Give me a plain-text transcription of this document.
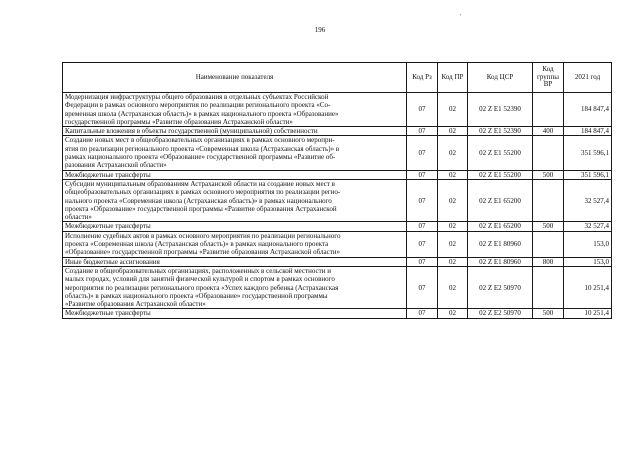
196
'
Наименование показателя	Код Рз	Код ПР	Код ЦСР	Код группы ВР	2021 год

Модернизация инфраструктуры общего образования в отдельных субъектах Российской
Федерации в рамках основного мероприятия по реализации регионального проекта «Со-
временная школа (Астраханская область)» в рамках национального проекта «Образование»
государственной программы «Развитие образования Астраханской области»	07	02	02 Z E1 52390		184 847,4

Капитальные вложения в объекты государственной (муниципальной) собственности	07	02	02 Z E1 52390	400	184 847,4

Создание новых мест в общеобразовательных организациях в рамках основного меропри-
ятия по реализации регионального проекта «Современная школа (Астраханская область)» в
рамках национального проекта «Образование» государственной программы «Развитие об-
разования Астраханской области»	07	02	02 Z E1 55200		351 596,1

Межбюджетные трансферты	07	02	02 Z E1 55200	500	351 596,1

Субсидии муниципальным образованиям Астраханской области на создание новых мест в
общеобразовательных организациях в рамках основного мероприятия по реализации регио-
нального проекта «Современная школа (Астраханская область)» в рамках национального
проекта «Образование» государственной программы «Развитие образования Астраханской
области»	07	02	02 Z E1 65200		32 527,4

Межбюджетные трансферты	07	02	02 Z E1 65200	500	32 527,4

Исполнение судебных актов в рамках основного мероприятия по реализации регионального
проекта «Современная школа (Астраханская область)» в рамках национального проекта
«Образование» государственной программы «Развитие образования Астраханской области»	07	02	02 Z E1 80960		153,0

Иные бюджетные ассигнования	07	02	02 Z E1 80960	800	153,0

Создание в общеобразовательных организациях, расположенных в сельской местности и
малых городах, условий для занятий физической культурой и спортом в рамках основного
мероприятия по реализации регионального проекта «Успех каждого ребенка (Астраханская
область)» в рамках национального проекта «Образование» государственной программы
«Развитие образования Астраханской области»	07	02	02 Z E2 50970		10 251,4

Межбюджетные трансферты	07	02	02 Z E2 50970	500	10 251,4
